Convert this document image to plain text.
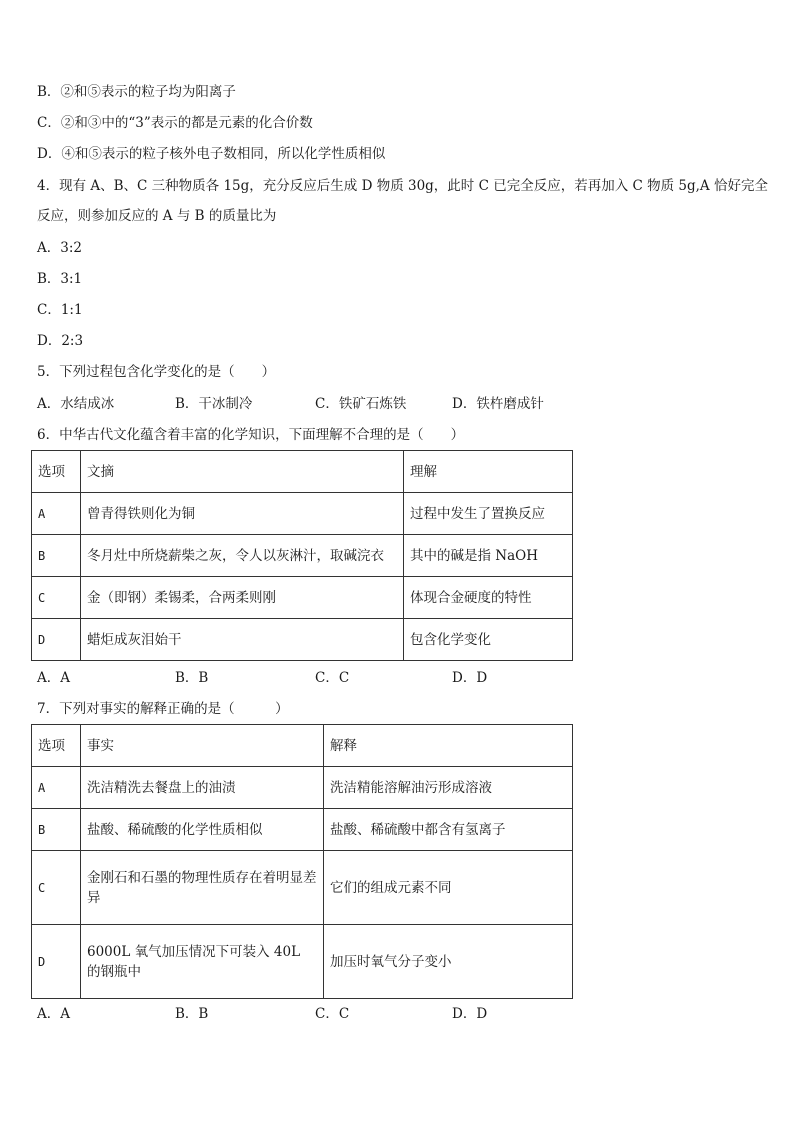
B．②和⑤表示的粒子均为阳离子
C．②和③中的“3”表示的都是元素的化合价数
D．④和⑤表示的粒子核外电子数相同，所以化学性质相似
4．现有 A、B、C 三种物质各 15g，充分反应后生成 D 物质 30g，此时 C 已完全反应，若再加入 C 物质 5g,A 恰好完全
反应，则参加反应的 A 与 B 的质量比为
A．3:2
B．3:1
C．1:1
D．2:3
5．下列过程包含化学变化的是（　　）
A．水结成冰	B．干冰制冷	C．铁矿石炼铁	D．铁杵磨成针
6．中华古代文化蕴含着丰富的化学知识，下面理解不合理的是（　　）
选项	文摘	理解
A	曾青得铁则化为铜	过程中发生了置换反应
B	冬月灶中所烧薪柴之灰，令人以灰淋汁，取碱浣衣	其中的碱是指 NaOH
C	金（即钢）柔锡柔，合两柔则刚	体现合金硬度的特性
D	蜡炬成灰泪始干	包含化学变化
A．A	B．B	C．C	D．D
7．下列对事实的解释正确的是（　　　）
选项	事实	解释
A	洗洁精洗去餐盘上的油渍	洗洁精能溶解油污形成溶液
B	盐酸、稀硫酸的化学性质相似	盐酸、稀硫酸中都含有氢离子
C	金刚石和石墨的物理性质存在着明显差异	它们的组成元素不同
D	6000L 氧气加压情况下可装入 40L 的钢瓶中	加压时氧气分子变小
A．A	B．B	C．C	D．D
